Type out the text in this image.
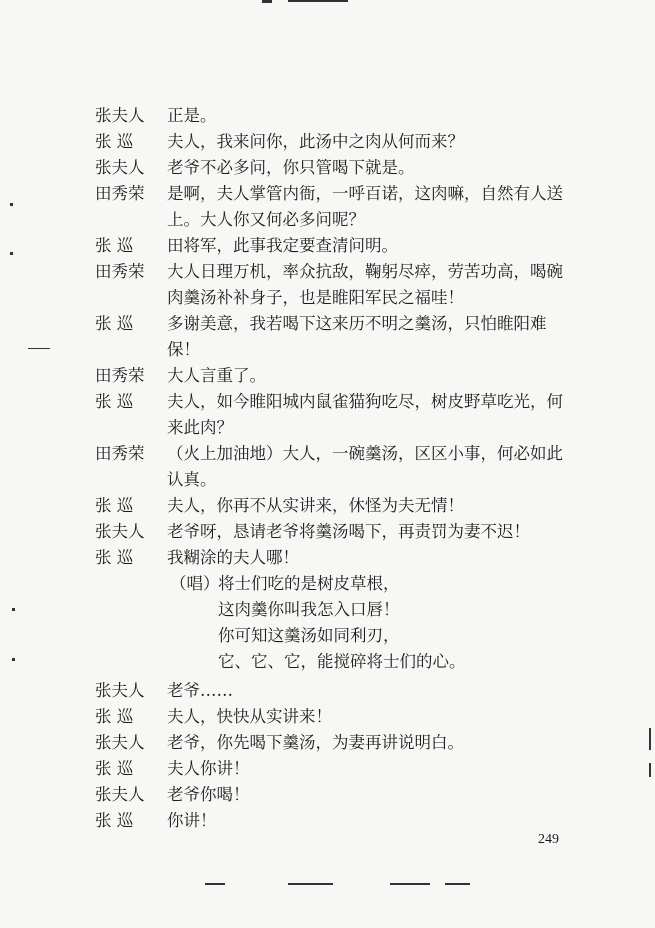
张夫人	正是。
张 巡	夫人，我来问你，此汤中之肉从何而来？
张夫人	老爷不必多问，你只管喝下就是。
田秀荣	是啊，夫人掌管内衙，一呼百诺，这肉嘛，自然有人送
上。大人你又何必多问呢？
张 巡	田将军，此事我定要查清问明。
田秀荣	大人日理万机，率众抗敌，鞠躬尽瘁，劳苦功高，喝碗
肉羹汤补补身子，也是睢阳军民之福哇！
张 巡	多谢美意，我若喝下这来历不明之羹汤，只怕睢阳难
保！
田秀荣	大人言重了。
张 巡	夫人，如今睢阳城内鼠雀猫狗吃尽，树皮野草吃光，何
来此肉？
田秀荣	（火上加油地）大人，一碗羹汤，区区小事，何必如此
认真。
张 巡	夫人，你再不从实讲来，休怪为夫无情！
张夫人	老爷呀，恳请老爷将羹汤喝下，再责罚为妻不迟！
张 巡	我糊涂的夫人哪！
（唱）
将士们吃的是树皮草根，
这肉羹你叫我怎入口唇！
你可知这羹汤如同利刃，
它、它、它，能搅碎将士们的心。
张夫人	老爷……
张 巡	夫人，快快从实讲来！
张夫人	老爷，你先喝下羹汤，为妻再讲说明白。
张 巡	夫人你讲！
张夫人	老爷你喝！
张 巡	你讲！
249
